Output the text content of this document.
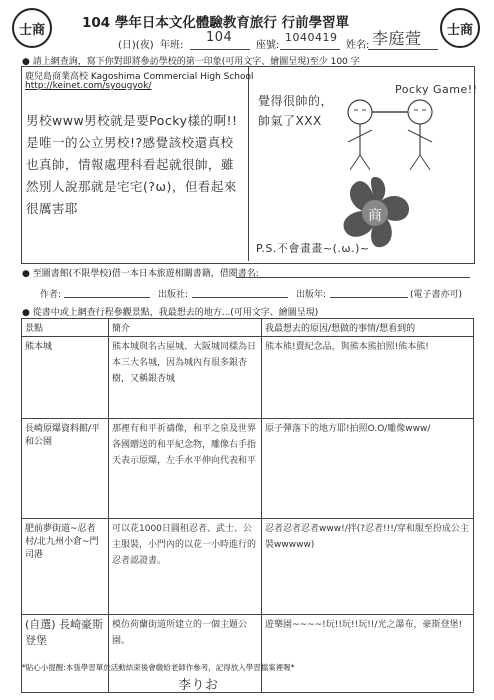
士商	士商
104 學年日本文化體驗教育旅行 行前學習單
(日)(夜) 年班:
104
座號:
1040419
姓名: 李庭萱
● 請上網查詢，寫下你對即將參訪學校的第一印象(可用文字、繪圖呈現)至少 100 字
鹿兒島商業高校 Kagoshima Commercial High School
http://keinet.com/syougyok/
男校www男校就是要Pocky樣的啊!!是唯一的公立男校!?感覺該校還真校也真帥，情報處理科看起就很帥，雖然別人說那就是宅宅(?ω)，但看起來很厲害耶
覺得很帥的，
帥氣了XXX
Pocky Game!!
商
P.S.不會畫畫~(.ω.)~
● 至圖書館(不限學校)借一本日本旅遊相關書籍，借閱書名:
作者:	出版社:	出版年:	(電子書亦可)
● 從書中或上網查行程參觀景點，我最想去的地方...(可用文字、繪圖呈現)
景點	簡介	我最想去的原因/想做的事情/想看到的
熊本城	熊本城與名古屋城、大阪城同樣為日本三大名城，因為城內有很多銀杏樹，又稱銀杏城	熊本熊!賣紀念品，與熊本熊拍照!熊本熊!
長崎原爆資料館/平和公園	那裡有和平祈禱像，和平之泉及世界各國贈送的和平紀念物，雕像右手指天表示原爆，左手水平伸向代表和平	原子彈落下的地方耶!拍照O.O/雕像www/
肥前夢街道~忍者村/北九州小倉~門司港	可以花1000日圓租忍者、武士、公主服裝，小門內的以花一小時進行的忍者認證書。	忍者忍者忍者www!/拌(?忍者!!!/穿和服至扮成公主裝wwwww)
(自選) 長崎豪斯登堡	模仿荷蘭街道所建立的一個主題公園。	遊樂園~~~~!玩!!玩!!玩!!/光之瀑布，豪斯登堡!
*貼心小提醒:本張學習單於活動結束後會繳給老師作參考，記得放入學習檔案裡喔*
李りお
